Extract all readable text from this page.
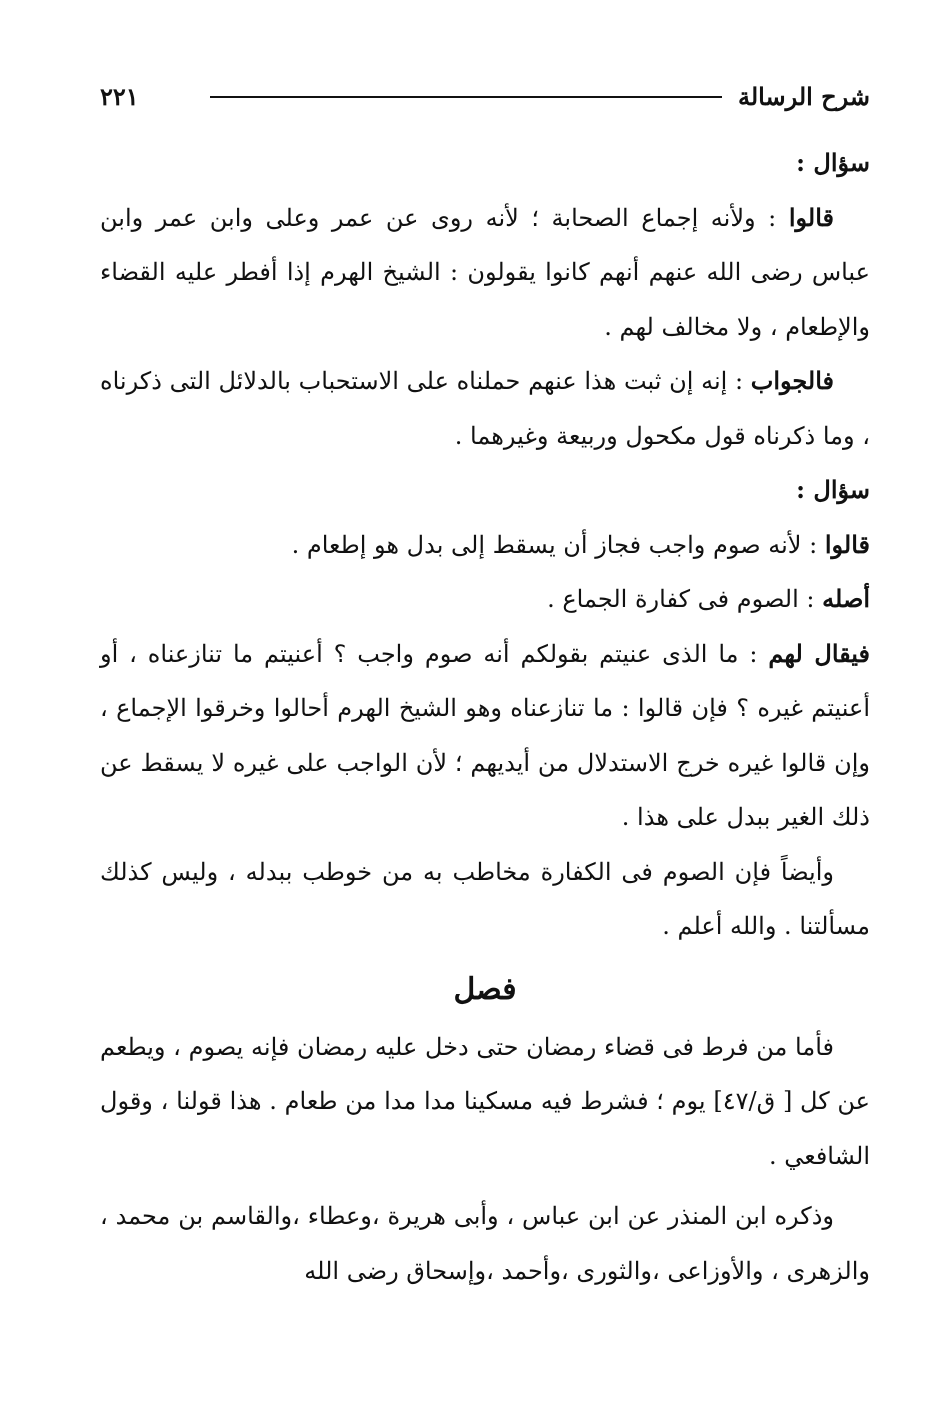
شرح الرسالة
٢٢١

سؤال :

قالوا : ولأنه إجماع الصحابة ؛ لأنه روى عن عمر وعلى وابن عمر وابن عباس رضى الله عنهم أنهم كانوا يقولون : الشيخ الهرم إذا أفطر عليه القضاء والإطعام ، ولا مخالف لهم .

فالجواب : إنه إن ثبت هذا عنهم حملناه على الاستحباب بالدلائل التى ذكرناه ، وما ذكرناه قول مكحول وربيعة وغيرهما .

سؤال :

قالوا : لأنه صوم واجب فجاز أن يسقط إلى بدل هو إطعام .

أصله : الصوم فى كفارة الجماع .

فيقال لهم : ما الذى عنيتم بقولكم أنه صوم واجب ؟ أعنيتم ما تنازعناه ، أو أعنيتم غيره ؟ فإن قالوا : ما تنازعناه وهو الشيخ الهرم أحالوا وخرقوا الإجماع ، وإن قالوا غيره خرج الاستدلال من أيديهم ؛ لأن الواجب على غيره لا يسقط عن ذلك الغير ببدل على هذا .

وأيضاً فإن الصوم فى الكفارة مخاطب به من خوطب ببدله ، وليس كذلك مسألتنا . والله أعلم .

فصل

فأما من فرط فى قضاء رمضان حتى دخل عليه رمضان فإنه يصوم ، ويطعم عن كل [ ق/٤٧] يوم ؛ فشرط فيه مسكينا مدا مدا من طعام . هذا قولنا ، وقول الشافعي .

وذكره ابن المنذر عن ابن عباس ، وأبى هريرة ،وعطاء ،والقاسم بن محمد ، والزهرى ، والأوزاعى ،والثورى ،وأحمد ،وإسحاق رضى الله
